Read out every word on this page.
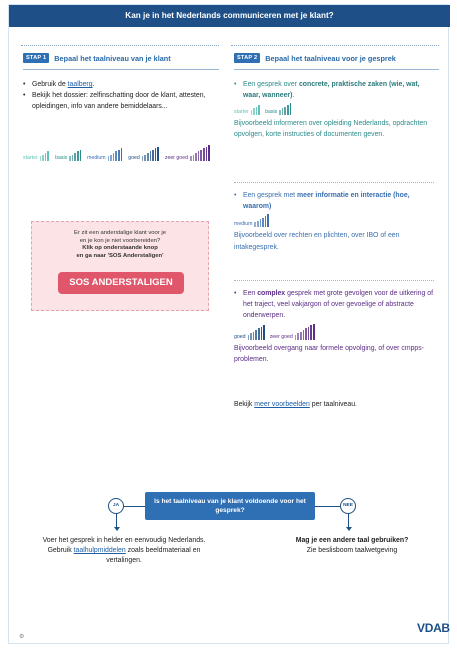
Kan je in het Nederlands communiceren met je klant?
STAP 1	Bepaal het taalniveau van je klant
• Gebruik de taalberg.
• Bekijk het dossier: zelfinschatting door de klant, attesten, opleidingen, info van andere bemiddelaars...
starter	basis	medium	goed	zeer goed
Er zit een anderstalige klant voor je
en je kon je niet voorbereiden?
Klik op onderstaande knop
en ga naar 'SOS Anderstaligen'
SOS ANDERSTALIGEN
STAP 2	Bepaal het taalniveau voor je gesprek
• Een gesprek over concrete, praktische zaken (wie, wat, waar, wanneer).
starter	basis
Bijvoorbeeld informeren over opleiding Nederlands, opdrachten opvolgen, korte instructies of documenten geven.
• Een gesprek met meer informatie en interactie (hoe, waarom)
medium
Bijvoorbeeld over rechten en plichten, over IBO of een intakegesprek.
• Een complex gesprek met grote gevolgen voor de uitkering of het traject, veel vakjargon of over gevoelige of abstracte onderwerpen.
goed	zeer goed
Bijvoorbeeld overgang naar formele opvolging, of over cmpps-problemen.
Bekijk meer voorbeelden per taalniveau.
JA	NEE
Is het taalniveau van je klant voldoende voor het gesprek?
Voer het gesprek in helder en eenvoudig Nederlands. Gebruik taalhulpmiddelen zoals beeldmateriaal en vertalingen.
Mag je een andere taal gebruiken?
Zie beslisboom taalwetgeving
⚙
VDAB
